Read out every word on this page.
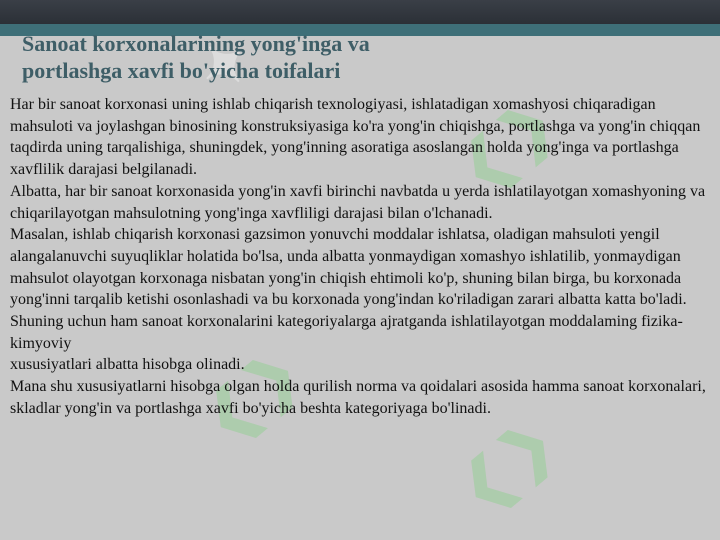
✦
❮❯
❮❯
❮❯
Sanoat korxonalarining yong'inga va
portlashga xavfi bo'yicha toifalari

Har bir sanoat korxonasi uning ishlab chiqarish texnologiyasi, ishlatadigan xomashyosi chiqaradigan mahsuloti va joylashgan binosining konstruksiyasiga ko'ra yong'in chiqishga, portlashga va yong'in chiqqan taqdirda uning tarqalishiga, shuningdek, yong'inning asoratiga asoslangan holda yong'inga va portlashga xavflilik darajasi belgilanadi.

Albatta, har bir sanoat korxonasida yong'in xavfi birinchi navbatda u yerda ishlatilayotgan xomashyoning va chiqarilayotgan mahsulotning yong'inga xavfliligi darajasi bilan o'lchanadi.

Masalan, ishlab chiqarish korxonasi gazsimon yonuvchi moddalar ishlatsa, oladigan mahsuloti yengil alangalanuvchi suyuqliklar holatida bo'lsa, unda albatta yonmaydigan xomashyo ishlatilib, yonmaydigan mahsulot olayotgan korxonaga nisbatan yong'in chiqish ehtimoli ko'p, shuning bilan birga, bu korxonada yong'inni tarqalib ketishi osonlashadi va bu korxonada yong'indan ko'riladigan zarari albatta katta bo'ladi.

Shuning uchun ham sanoat korxonalarini kategoriyalarga ajratganda ishlatilayotgan moddalaming fizika-kimyoviy

xususiyatlari albatta hisobga olinadi.

Mana shu xususiyatlarni hisobga olgan holda qurilish norma va qoidalari asosida hamma sanoat korxonalari, skladlar yong'in va portlashga xavfi bo'yicha beshta kategoriyaga bo'linadi.
